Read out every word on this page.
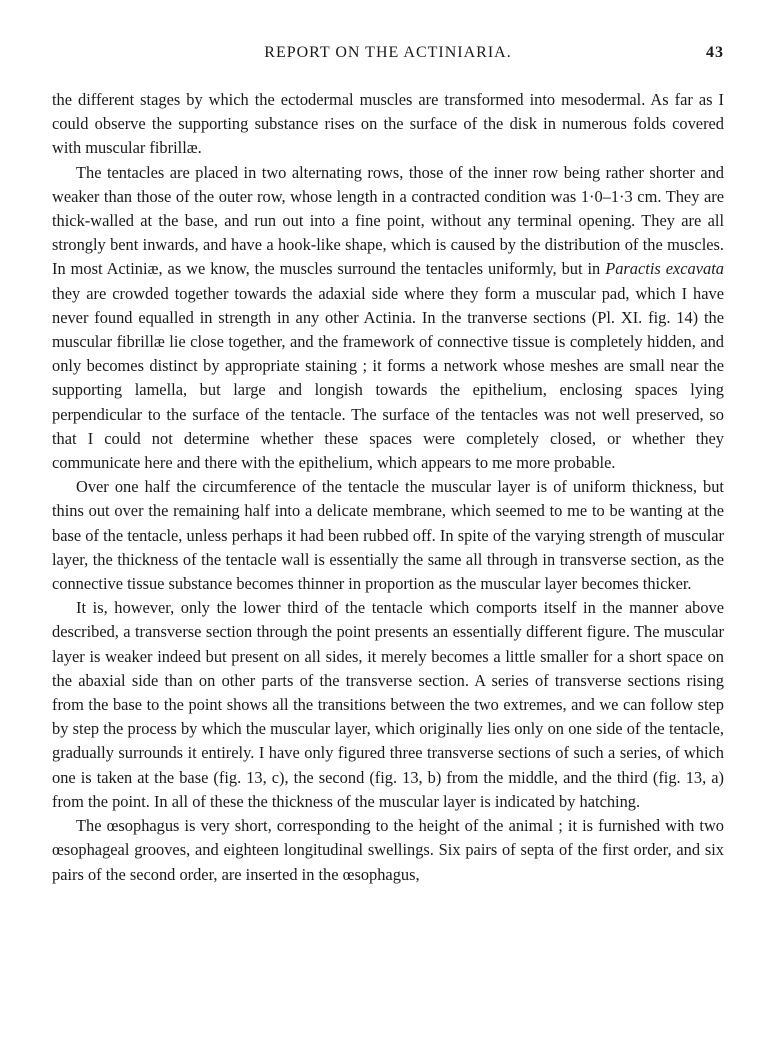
REPORT ON THE ACTINIARIA.	43

the different stages by which the ectodermal muscles are transformed into mesodermal. As far as I could observe the supporting substance rises on the surface of the disk in numerous folds covered with muscular fibrillæ.

The tentacles are placed in two alternating rows, those of the inner row being rather shorter and weaker than those of the outer row, whose length in a contracted condition was 1·0–1·3 cm. They are thick-walled at the base, and run out into a fine point, without any terminal opening. They are all strongly bent inwards, and have a hook-like shape, which is caused by the distribution of the muscles. In most Actiniæ, as we know, the muscles surround the tentacles uniformly, but in Paractis excavata they are crowded together towards the adaxial side where they form a muscular pad, which I have never found equalled in strength in any other Actinia. In the tranverse sections (Pl. XI. fig. 14) the muscular fibrillæ lie close together, and the framework of connective tissue is completely hidden, and only becomes distinct by appropriate staining ; it forms a network whose meshes are small near the supporting lamella, but large and longish towards the epithelium, enclosing spaces lying perpendicular to the surface of the tentacle. The surface of the tentacles was not well preserved, so that I could not determine whether these spaces were completely closed, or whether they communicate here and there with the epithelium, which appears to me more probable.

Over one half the circumference of the tentacle the muscular layer is of uniform thickness, but thins out over the remaining half into a delicate membrane, which seemed to me to be wanting at the base of the tentacle, unless perhaps it had been rubbed off. In spite of the varying strength of muscular layer, the thickness of the tentacle wall is essentially the same all through in transverse section, as the connective tissue substance becomes thinner in proportion as the muscular layer becomes thicker.

It is, however, only the lower third of the tentacle which comports itself in the manner above described, a transverse section through the point presents an essentially different figure. The muscular layer is weaker indeed but present on all sides, it merely becomes a little smaller for a short space on the abaxial side than on other parts of the transverse section. A series of transverse sections rising from the base to the point shows all the transitions between the two extremes, and we can follow step by step the process by which the muscular layer, which originally lies only on one side of the tentacle, gradually surrounds it entirely. I have only figured three transverse sections of such a series, of which one is taken at the base (fig. 13, c), the second (fig. 13, b) from the middle, and the third (fig. 13, a) from the point. In all of these the thickness of the muscular layer is indicated by hatching.

The œsophagus is very short, corresponding to the height of the animal ; it is furnished with two œsophageal grooves, and eighteen longitudinal swellings. Six pairs of septa of the first order, and six pairs of the second order, are inserted in the œsophagus,
